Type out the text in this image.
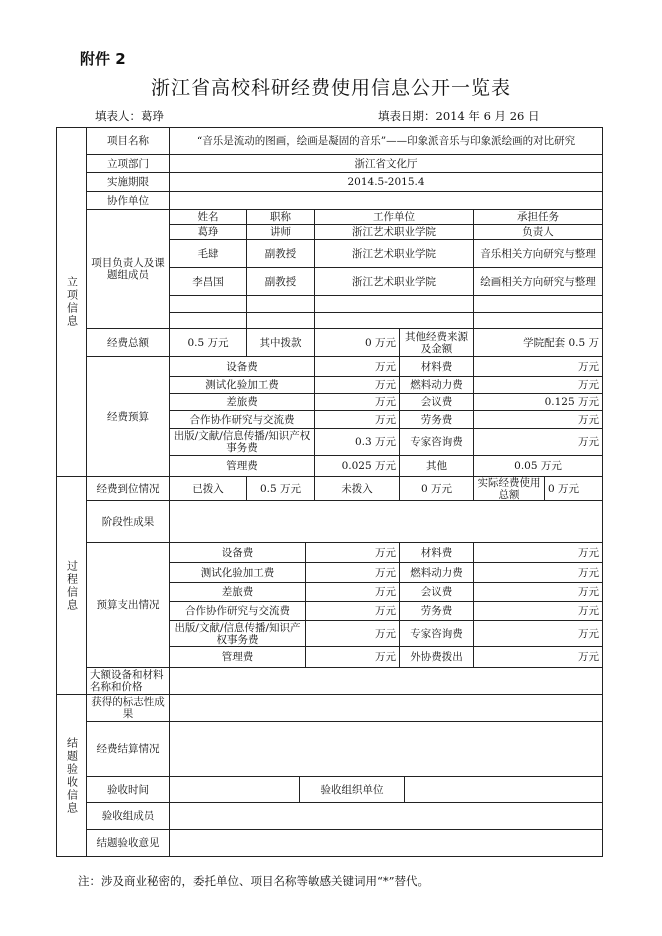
附件 2
浙江省高校科研经费使用信息公开一览表
填表人：葛琤	填表日期：2014 年 6 月 26 日
立项信息
项目名称	“音乐是流动的图画，绘画是凝固的音乐”——印象派音乐与印象派绘画的对比研究
立项部门	浙江省文化厅
实施期限	2014.5-2015.4
协作单位
项目负责人及课题组成员
姓名	职称	工作单位	承担任务
葛琤	讲师	浙江艺术职业学院	负责人
毛肆	副教授	浙江艺术职业学院	音乐相关方向研究与整理
李昌国	副教授	浙江艺术职业学院	绘画相关方向研究与整理
经费总额	0.5 万元	其中拨款	0 万元 其他经费来源及金额	学院配套 0.5 万
经费预算
设备费	万元	材料费	万元
测试化验加工费	万元	燃料动力费	万元
差旅费	万元	会议费	0.125 万元
合作协作研究与交流费	万元	劳务费	万元
出版/文献/信息传播/知识产权事务费	0.3 万元	专家咨询费	万元
管理费	0.025 万元	其他	0.05 万元
过程信息
经费到位情况	已拨入	0.5 万元	未拨入	0 万元	实际经费使用总额	0 万元
阶段性成果
预算支出情况
设备费	万元	材料费	万元
测试化验加工费	万元	燃料动力费	万元
差旅费	万元	会议费	万元
合作协作研究与交流费	万元	劳务费	万元
出版/文献/信息传播/知识产权事务费	万元	专家咨询费	万元
管理费	万元	外协费拨出	万元
大额设备和材料名称和价格
结题验收信息
获得的标志性成果
经费结算情况
验收时间	验收组织单位
验收组成员
结题验收意见
注：涉及商业秘密的，委托单位、项目名称等敏感关键词用“*”替代。
